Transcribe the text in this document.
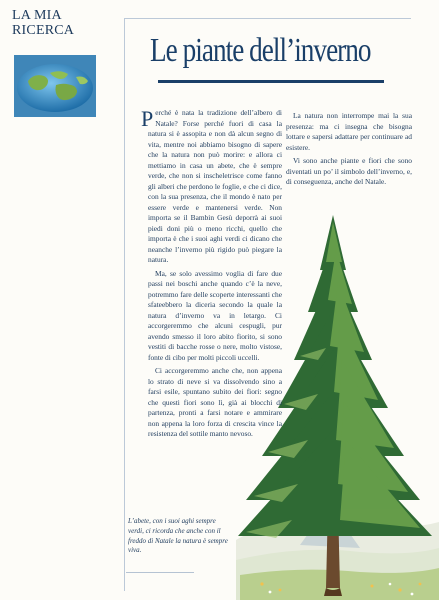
LA MIA
RICERCA
Le piante dell’inverno

Perché è nata la tradizione dell’albero di Natale? Forse perché fuori di casa la natura si è assopita e non dà alcun segno di vita, mentre noi abbiamo bisogno di sapere che la natura non può morire: e allora ci mettiamo in casa un abete, che è sempre verde, che non si inscheletrisce come fanno gli alberi che perdono le foglie, e che ci dice, con la sua presenza, che il mondo è nato per essere verde e mantenersi verde. Non importa se il Bambin Gesù deporrà ai suoi piedi doni più o meno ricchi, quello che importa è che i suoi aghi verdi ci dicano che neanche l’inverno più rigido può piegare la natura.

Ma, se solo avessimo voglia di fare due passi nei boschi anche quando c’è la neve, potremmo fare delle scoperte interessanti che sfateebbero la diceria secondo la quale la natura d’inverno va in letargo. Ci accorgeremmo che alcuni cespugli, pur avendo smesso il loro abito fiorito, si sono vestiti di bacche rosse o nere, molto vistose, fonte di cibo per molti piccoli uccelli.

Ci accorgeremmo anche che, non appena lo strato di neve si va dissolvendo sino a farsi esile, spuntano subito dei fiori: segno che questi fiori sono lì, già ai blocchi di partenza, pronti a farsi notare e ammirare non appena la loro forza di crescita vince la resistenza del sottile manto nevoso.

La natura non interrompe mai la sua presenza: ma ci insegna che bisogna lottare e sapersi adattare per continuare ad esistere.

Vi sono anche piante e fiori che sono diventati un po’ il simbolo dell’inverno, e, di conseguenza, anche del Natale.

L’abete, con i suoi aghi sempre verdi, ci ricorda che anche con il freddo di Natale la natura è sempre viva.
